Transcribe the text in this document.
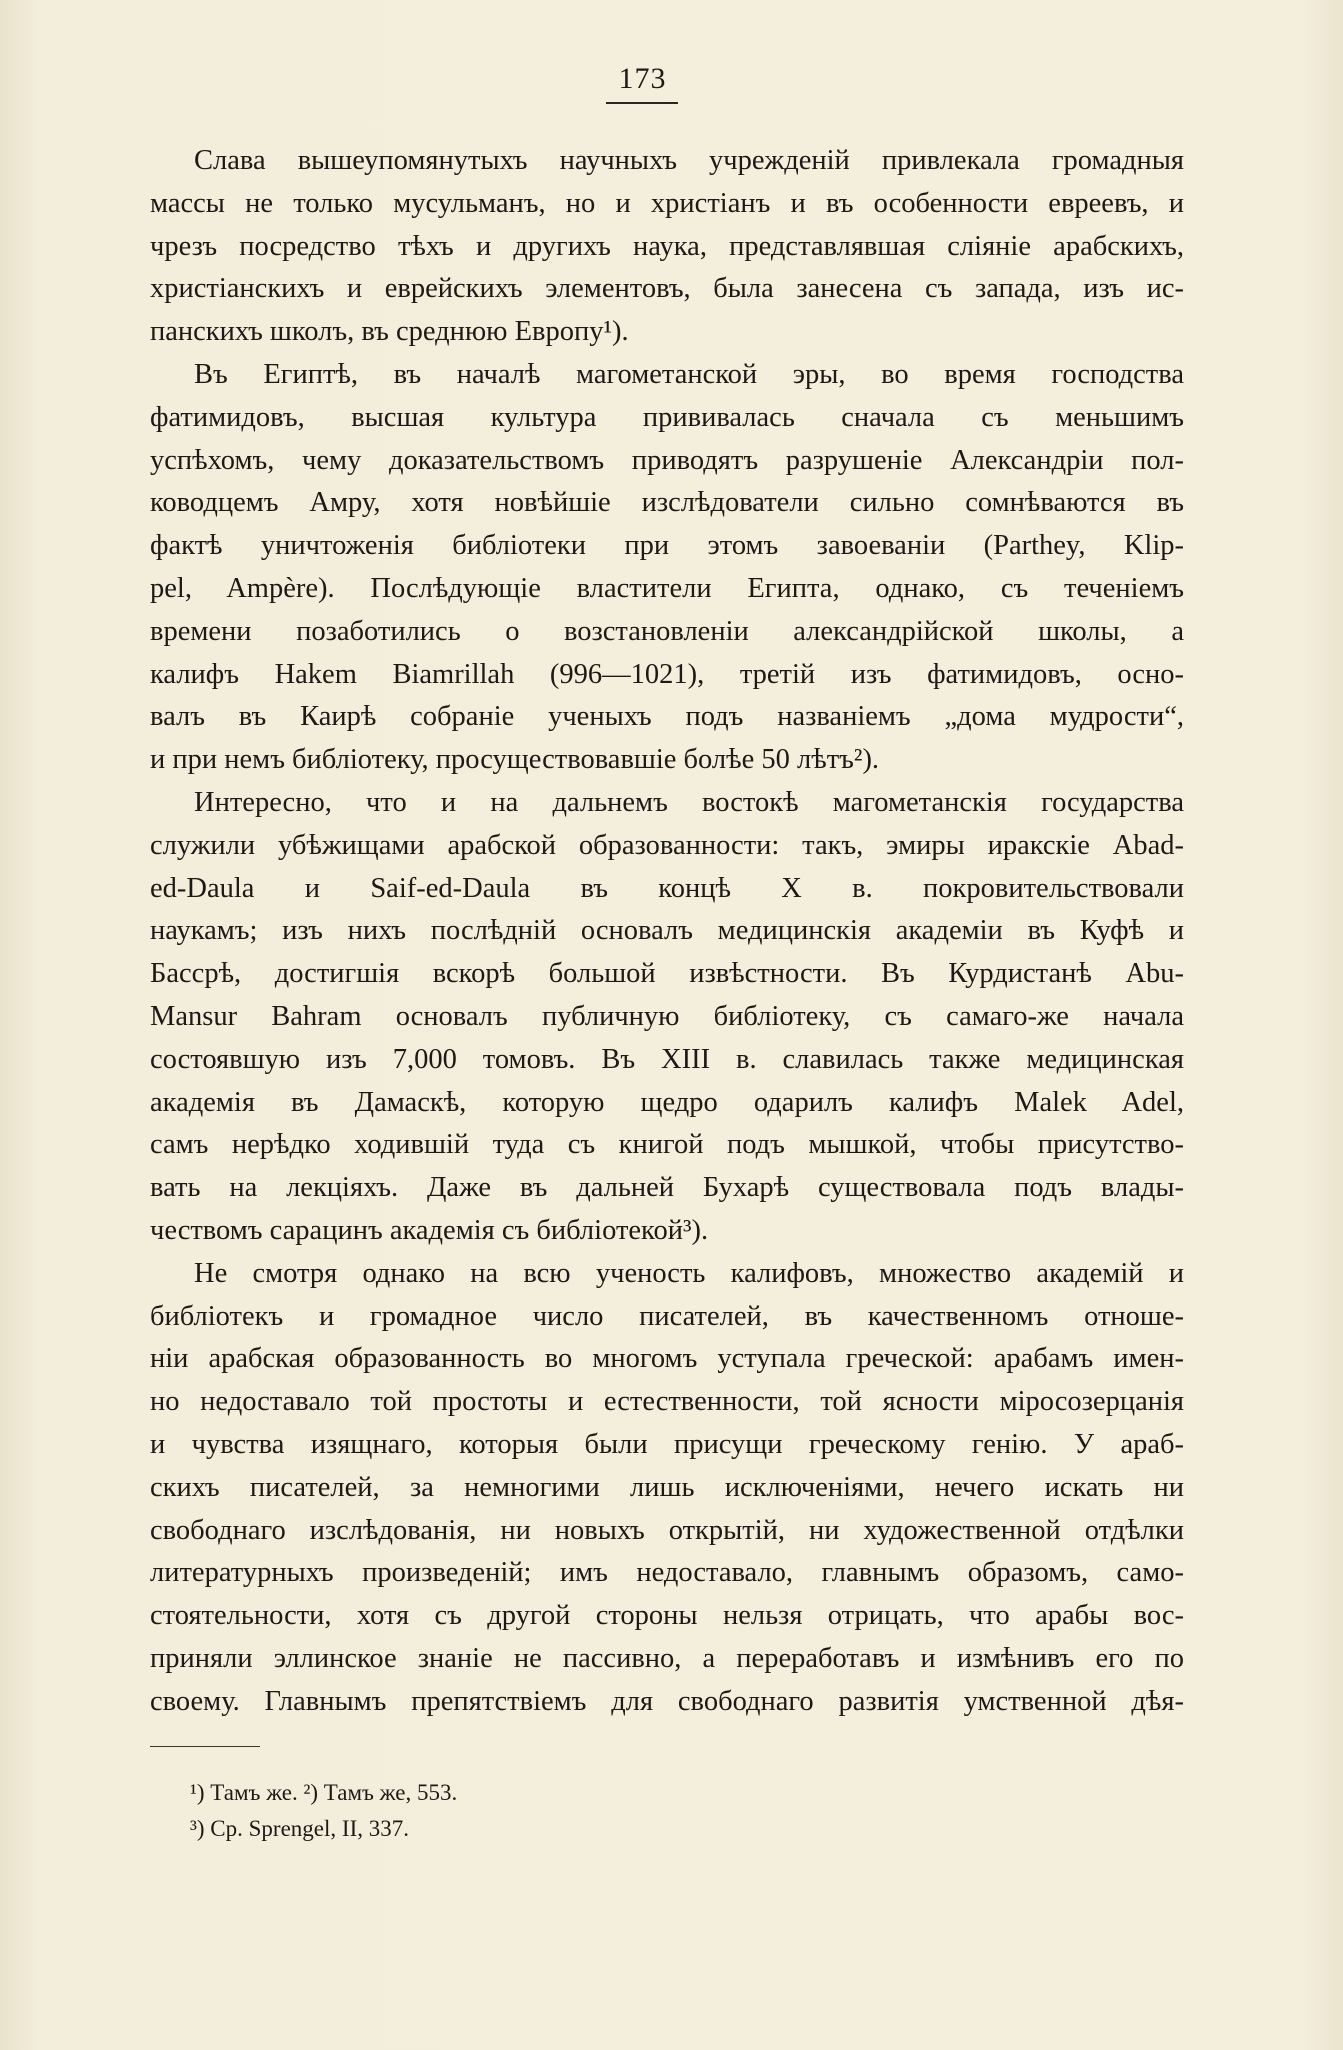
173
Слава вышеупомянутыхъ научныхъ учрежденій привлекала громадныя
массы не только мусульманъ, но и христіанъ и въ особенности евреевъ, и
чрезъ посредство тѣхъ и другихъ наука, представлявшая сліяніе арабскихъ,
христіанскихъ и еврейскихъ элементовъ, была занесена съ запада, изъ ис-
панскихъ школъ, въ среднюю Европу¹).
Въ Египтѣ, въ началѣ магометанской эры, во время господства
фатимидовъ, высшая культура прививалась сначала съ меньшимъ
успѣхомъ, чему доказательствомъ приводятъ разрушеніе Александріи пол-
ководцемъ Амру, хотя новѣйшіе изслѣдователи сильно сомнѣваются въ
фактѣ уничтоженія библіотеки при этомъ завоеваніи (Parthey, Klip-
pel, Ampère). Послѣдующіе властители Египта, однако, съ теченіемъ
времени позаботились о возстановленіи александрійской школы, а
калифъ Hakem Biamrillah (996—1021), третій изъ фатимидовъ, осно-
валъ въ Каирѣ собраніе ученыхъ подъ названіемъ „дома мудрости“,
и при немъ библіотеку, просуществовавшіе болѣе 50 лѣтъ²).
Интересно, что и на дальнемъ востокѣ магометанскія государства
служили убѣжищами арабской образованности: такъ, эмиры иракскіе Abad-
ed-Daula и Saif-ed-Daula въ концѣ X в. покровительствовали
наукамъ; изъ нихъ послѣдній основалъ медицинскія академіи въ Куфѣ и
Бассрѣ, достигшія вскорѣ большой извѣстности. Въ Курдистанѣ Abu-
Mansur Bahram основалъ публичную библіотеку, съ самаго-же начала
состоявшую изъ 7,000 томовъ. Въ XIII в. славилась также медицинская
академія въ Дамаскѣ, которую щедро одарилъ калифъ Malek Adel,
самъ нерѣдко ходившій туда съ книгой подъ мышкой, чтобы присутство-
вать на лекціяхъ. Даже въ дальней Бухарѣ существовала подъ влады-
чествомъ сарацинъ академія съ библіотекой³).
Не смотря однако на всю ученость калифовъ, множество академій и
библіотекъ и громадное число писателей, въ качественномъ отноше-
ніи арабская образованность во многомъ уступала греческой: арабамъ имен-
но недоставало той простоты и естественности, той ясности міросозерцанія
и чувства изящнаго, которыя были присущи греческому генію. У араб-
скихъ писателей, за немногими лишь исключеніями, нечего искать ни
свободнаго изслѣдованія, ни новыхъ открытій, ни художественной отдѣлки
литературныхъ произведеній; имъ недоставало, главнымъ образомъ, само-
стоятельности, хотя съ другой стороны нельзя отрицать, что арабы вос-
приняли эллинское знаніе не пассивно, а переработавъ и измѣнивъ его по
своему. Главнымъ препятствіемъ для свободнаго развитія умственной дѣя-
¹) Тамъ же. ²) Тамъ же, 553.
³) Ср. Sprengel, II, 337.
